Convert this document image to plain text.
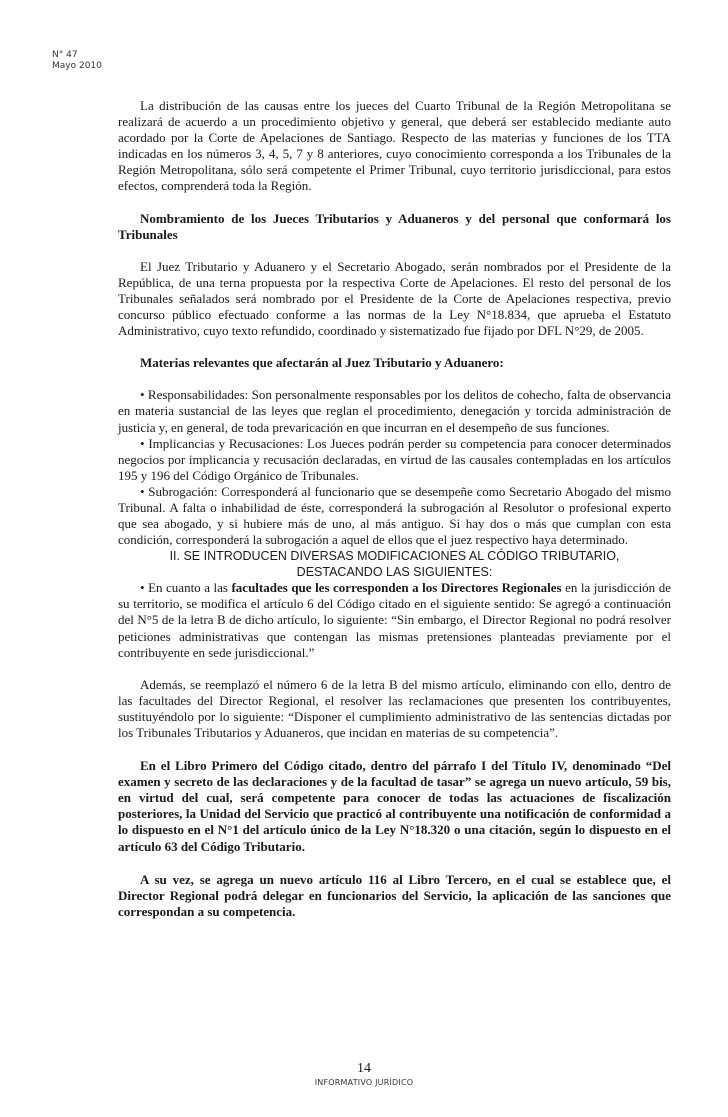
N° 47
Mayo 2010

La distribución de las causas entre los jueces del Cuarto Tribunal de la Región Metropolitana se realizará de acuerdo a un procedimiento objetivo y general, que deberá ser establecido mediante auto acordado por la Corte de Apelaciones de Santiago. Respecto de las materias y funciones de los TTA indicadas en los números 3, 4, 5, 7 y 8 anteriores, cuyo conocimiento corresponda a los Tribunales de la Región Metropolitana, sólo será competente el Primer Tribunal, cuyo territorio jurisdiccional, para estos efectos, comprenderá toda la Región.

Nombramiento de los Jueces Tributarios y Aduaneros y del personal que conformará los Tribunales

El Juez Tributario y Aduanero y el Secretario Abogado, serán nombrados por el Presidente de la República, de una terna propuesta por la respectiva Corte de Apelaciones. El resto del personal de los Tribunales señalados será nombrado por el Presidente de la Corte de Apelaciones respectiva, previo concurso público efectuado conforme a las normas de la Ley N°18.834, que aprueba el Estatuto Administrativo, cuyo texto refundido, coordinado y sistematizado fue fijado por DFL N°29, de 2005.

Materias relevantes que afectarán al Juez Tributario y Aduanero:

• Responsabilidades: Son personalmente responsables por los delitos de cohecho, falta de observancia en materia sustancial de las leyes que reglan el procedimiento, denegación y torcida administración de justicia y, en general, de toda prevaricación en que incurran en el desempeño de sus funciones.

• Implicancias y Recusaciones: Los Jueces podrán perder su competencia para conocer determinados negocios por implicancia y recusación declaradas, en virtud de las causales contempladas en los artículos 195 y 196 del Código Orgánico de Tribunales.

• Subrogación: Corresponderá al funcionario que se desempeñe como Secretario Abogado del mismo Tribunal. A falta o inhabilidad de éste, corresponderá la subrogación al Resolutor o profesional experto que sea abogado, y si hubiere más de uno, al más antiguo. Si hay dos o más que cumplan con esta condición, corresponderá la subrogación a aquel de ellos que el juez respectivo haya determinado.

II. SE INTRODUCEN DIVERSAS MODIFICACIONES AL CÓDIGO TRIBUTARIO,
DESTACANDO LAS SIGUIENTES:

• En cuanto a las facultades que les corresponden a los Directores Regionales en la jurisdicción de su territorio, se modifica el artículo 6 del Código citado en el siguiente sentido: Se agregó a continuación del N°5 de la letra B de dicho artículo, lo siguiente: “Sin embargo, el Director Regional no podrá resolver peticiones administrativas que contengan las mismas pretensiones planteadas previamente por el contribuyente en sede jurisdiccional.”

Además, se reemplazó el número 6 de la letra B del mismo artículo, eliminando con ello, dentro de las facultades del Director Regional, el resolver las reclamaciones que presenten los contribuyentes, sustituyéndolo por lo siguiente: “Disponer el cumplimiento administrativo de las sentencias dictadas por los Tribunales Tributarios y Aduaneros, que incidan en materias de su competencia”.

En el Libro Primero del Código citado, dentro del párrafo I del Título IV, denominado “Del examen y secreto de las declaraciones y de la facultad de tasar” se agrega un nuevo artículo, 59 bis, en virtud del cual, será competente para conocer de todas las actuaciones de fiscalización posteriores, la Unidad del Servicio que practicó al contribuyente una notificación de conformidad a lo dispuesto en el N°1 del artículo único de la Ley N°18.320 o una citación, según lo dispuesto en el artículo 63 del Código Tributario.

A su vez, se agrega un nuevo artículo 116 al Libro Tercero, en el cual se establece que, el Director Regional podrá delegar en funcionarios del Servicio, la aplicación de las sanciones que correspondan a su competencia.

14
INFORMATIVO JURÍDICO
